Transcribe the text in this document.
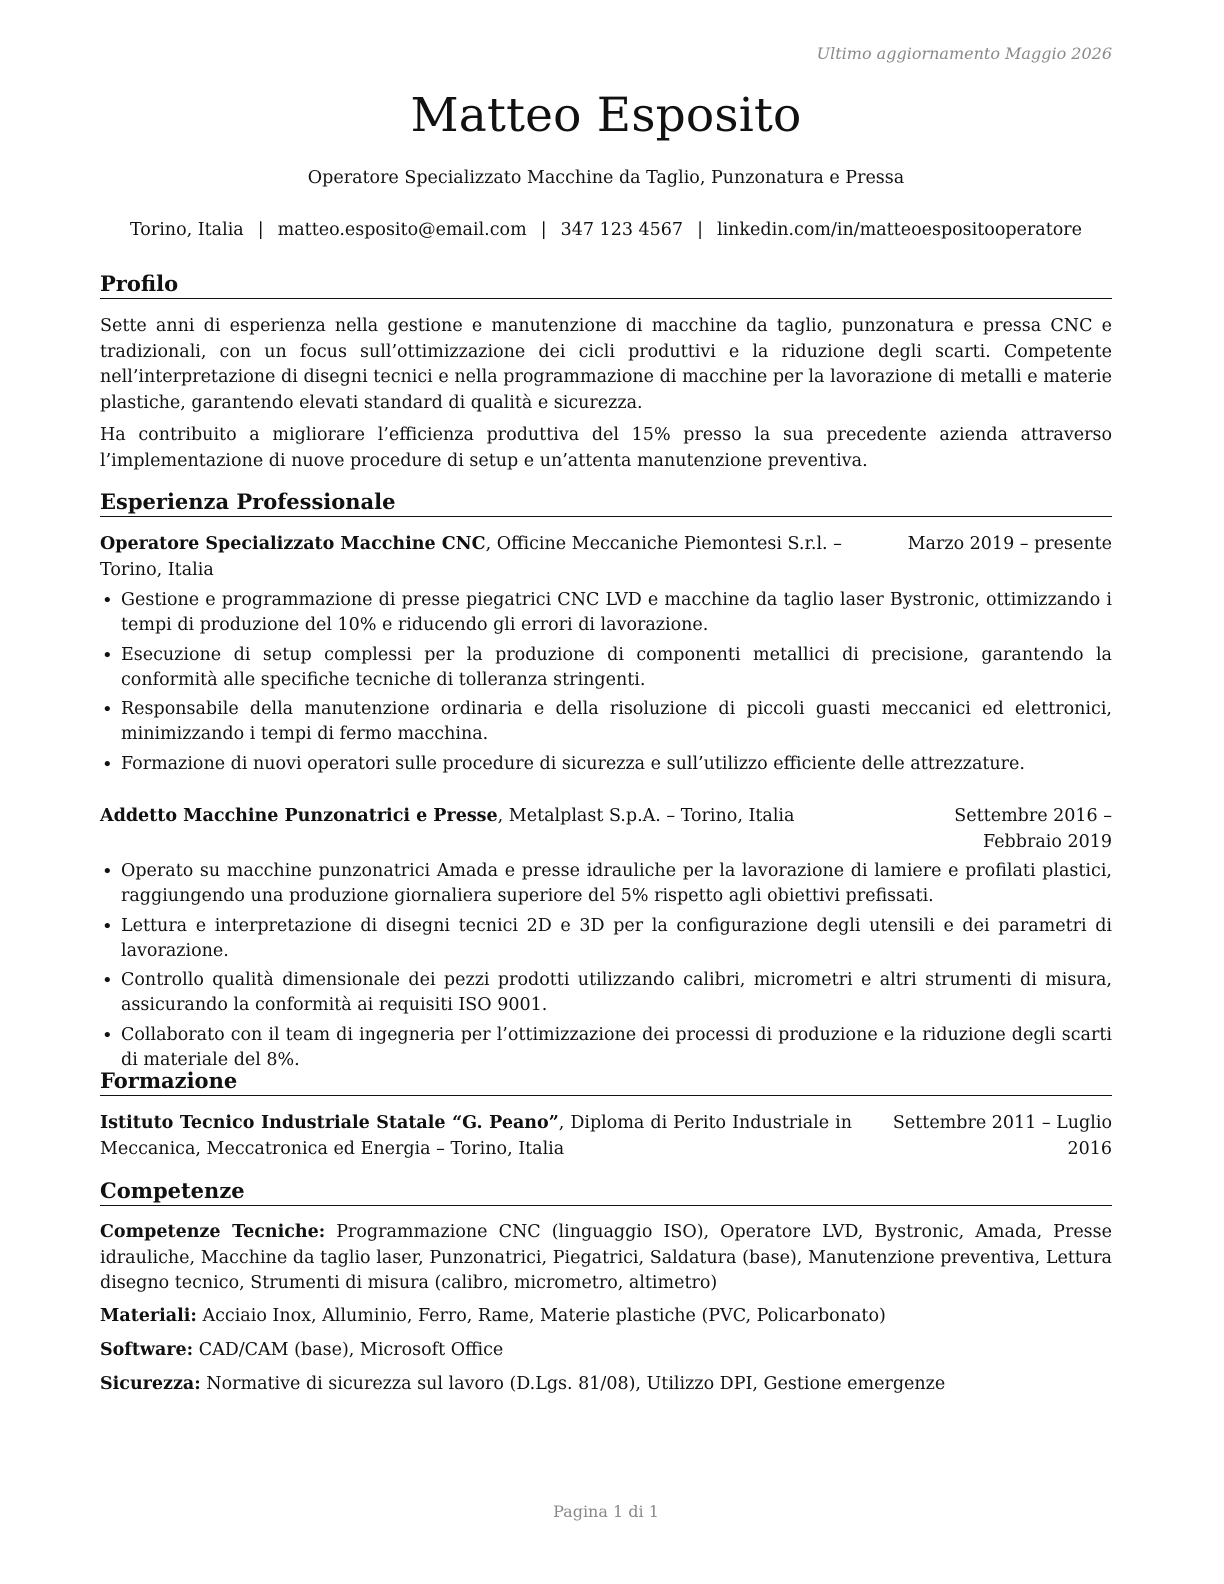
Ultimo aggiornamento Maggio 2026
Matteo Esposito
Operatore Specializzato Macchine da Taglio, Punzonatura e Pressa
Torino, Italia | matteo.esposito@email.com | 347 123 4567 | linkedin.com/in/matteoespositooperatore
Profilo

Sette anni di esperienza nella gestione e manutenzione di macchine da taglio, punzonatura e pressa CNC e tradizionali, con un focus sull’ottimizzazione dei cicli produttivi e la riduzione degli scarti. Competente nell’interpretazione di disegni tecnici e nella programmazione di macchine per la lavorazione di metalli e materie plastiche, garantendo elevati standard di qualità e sicurezza.

Ha contribuito a migliorare l’efficienza produttiva del 15% presso la sua precedente azienda attraverso l’implementazione di nuove procedure di setup e un’attenta manutenzione preventiva.

Esperienza Professionale
Operatore Specializzato Macchine CNC, Officine Meccaniche Piemontesi S.r.l. – Torino, Italia
Marzo 2019 – presente
• Gestione e programmazione di presse piegatrici CNC LVD e macchine da taglio laser Bystronic, ottimizzando i tempi di produzione del 10% e riducendo gli errori di lavorazione.
• Esecuzione di setup complessi per la produzione di componenti metallici di precisione, garantendo la conformità alle specifiche tecniche di tolleranza stringenti.
• Responsabile della manutenzione ordinaria e della risoluzione di piccoli guasti meccanici ed elettronici, minimizzando i tempi di fermo macchina.
• Formazione di nuovi operatori sulle procedure di sicurezza e sull’utilizzo efficiente delle attrezzature.
Addetto Macchine Punzonatrici e Presse, Metalplast S.p.A. – Torino, Italia	Settembre 2016 – Febbraio 2019
• Operato su macchine punzonatrici Amada e presse idrauliche per la lavorazione di lamiere e profilati plastici, raggiungendo una produzione giornaliera superiore del 5% rispetto agli obiettivi prefissati.
• Lettura e interpretazione di disegni tecnici 2D e 3D per la configurazione degli utensili e dei parametri di lavorazione.
• Controllo qualità dimensionale dei pezzi prodotti utilizzando calibri, micrometri e altri strumenti di misura, assicurando la conformità ai requisiti ISO 9001.
• Collaborato con il team di ingegneria per l’ottimizzazione dei processi di produzione e la riduzione degli scarti di materiale del 8%.
Formazione
Istituto Tecnico Industriale Statale “G. Peano”, Diploma di Perito Industriale in Meccanica, Meccatronica ed Energia – Torino, Italia
Settembre 2011 – Luglio 2016
Competenze

Competenze Tecniche: Programmazione CNC (linguaggio ISO), Operatore LVD, Bystronic, Amada, Presse idrauliche, Macchine da taglio laser, Punzonatrici, Piegatrici, Saldatura (base), Manutenzione preventiva, Lettura disegno tecnico, Strumenti di misura (calibro, micrometro, altimetro)

Materiali: Acciaio Inox, Alluminio, Ferro, Rame, Materie plastiche (PVC, Policarbonato)

Software: CAD/CAM (base), Microsoft Office

Sicurezza: Normative di sicurezza sul lavoro (D.Lgs. 81/08), Utilizzo DPI, Gestione emergenze

Pagina 1 di 1
